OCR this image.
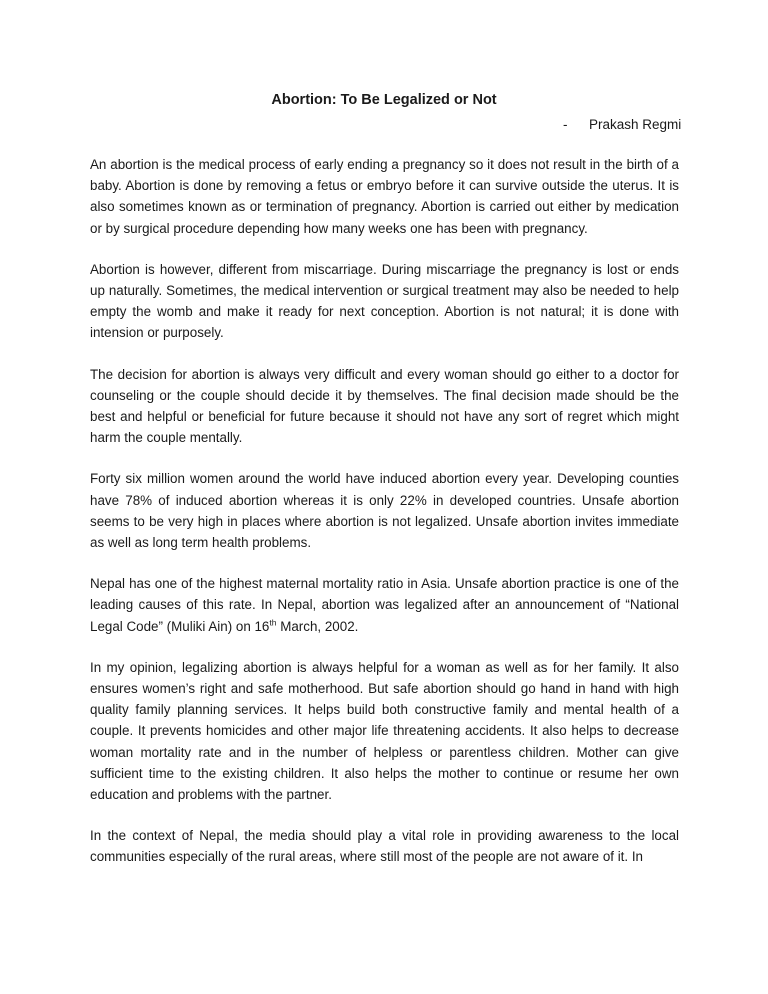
Abortion: To Be Legalized or Not
- Prakash Regmi

An abortion is the medical process of early ending a pregnancy so it does not result in the birth of a baby. Abortion is done by removing a fetus or embryo before it can survive outside the uterus. It is also sometimes known as or termination of pregnancy. Abortion is carried out either by medication or by surgical procedure depending how many weeks one has been with pregnancy.

Abortion is however, different from miscarriage. During miscarriage the pregnancy is lost or ends up naturally. Sometimes, the medical intervention or surgical treatment may also be needed to help empty the womb and make it ready for next conception. Abortion is not natural; it is done with intension or purposely.

The decision for abortion is always very difficult and every woman should go either to a doctor for counseling or the couple should decide it by themselves. The final decision made should be the best and helpful or beneficial for future because it should not have any sort of regret which might harm the couple mentally.

Forty six million women around the world have induced abortion every year. Developing counties have 78% of induced abortion whereas it is only 22% in developed countries. Unsafe abortion seems to be very high in places where abortion is not legalized. Unsafe abortion invites immediate as well as long term health problems.

Nepal has one of the highest maternal mortality ratio in Asia. Unsafe abortion practice is one of the leading causes of this rate. In Nepal, abortion was legalized after an announcement of “National Legal Code” (Muliki Ain) on 16th March, 2002.

In my opinion, legalizing abortion is always helpful for a woman as well as for her family. It also ensures women’s right and safe motherhood. But safe abortion should go hand in hand with high quality family planning services. It helps build both constructive family and mental health of a couple. It prevents homicides and other major life threatening accidents. It also helps to decrease woman mortality rate and in the number of helpless or parentless children. Mother can give sufficient time to the existing children. It also helps the mother to continue or resume her own education and problems with the partner.

In the context of Nepal, the media should play a vital role in providing awareness to the local communities especially of the rural areas, where still most of the people are not aware of it. In
